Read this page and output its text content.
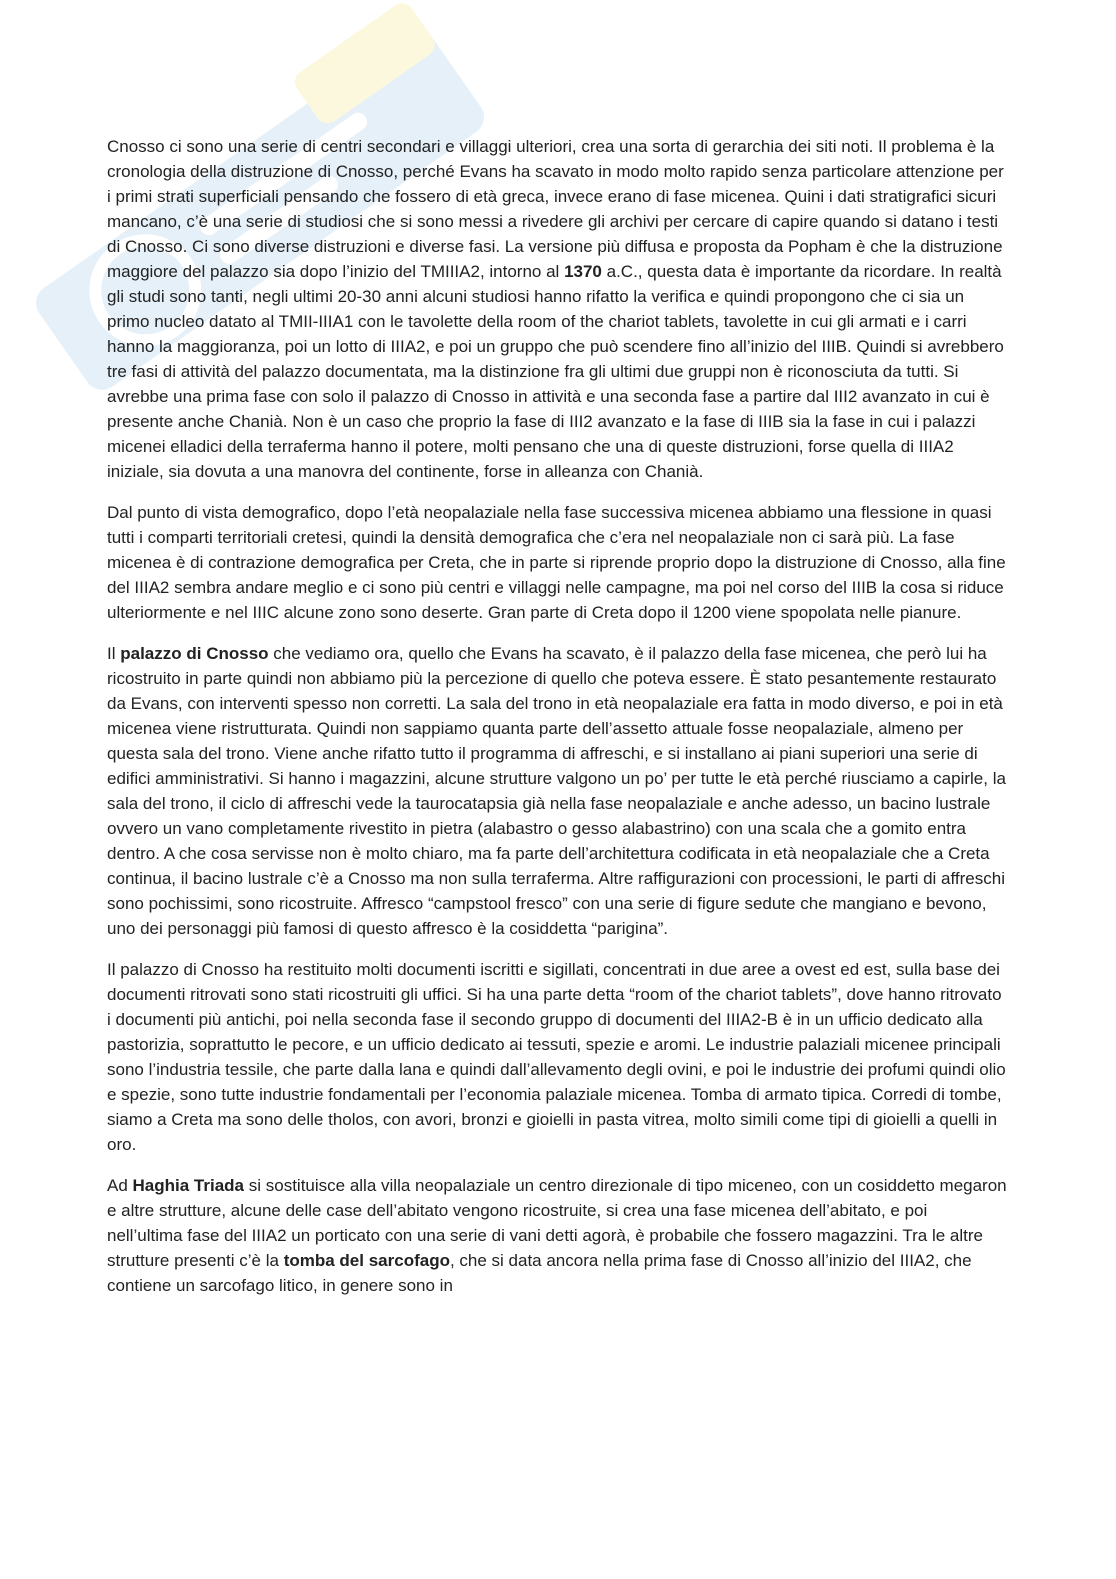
Cnosso ci sono una serie di centri secondari e villaggi ulteriori, crea una sorta di gerarchia dei siti noti. Il problema è la cronologia della distruzione di Cnosso, perché Evans ha scavato in modo molto rapido senza particolare attenzione per i primi strati superficiali pensando che fossero di età greca, invece erano di fase micenea. Quini i dati stratigrafici sicuri mancano, c’è una serie di studiosi che si sono messi a rivedere gli archivi per cercare di capire quando si datano i testi di Cnosso. Ci sono diverse distruzioni e diverse fasi. La versione più diffusa e proposta da Popham è che la distruzione maggiore del palazzo sia dopo l’inizio del TMIIIA2, intorno al 1370 a.C., questa data è importante da ricordare. In realtà gli studi sono tanti, negli ultimi 20-30 anni alcuni studiosi hanno rifatto la verifica e quindi propongono che ci sia un primo nucleo datato al TMII-IIIA1 con le tavolette della room of the chariot tablets, tavolette in cui gli armati e i carri hanno la maggioranza, poi un lotto di IIIA2, e poi un gruppo che può scendere fino all’inizio del IIIB. Quindi si avrebbero tre fasi di attività del palazzo documentata, ma la distinzione fra gli ultimi due gruppi non è riconosciuta da tutti. Si avrebbe una prima fase con solo il palazzo di Cnosso in attività e una seconda fase a partire dal III2 avanzato in cui è presente anche Chanià. Non è un caso che proprio la fase di III2 avanzato e la fase di IIIB sia la fase in cui i palazzi micenei elladici della terraferma hanno il potere, molti pensano che una di queste distruzioni, forse quella di IIIA2 iniziale, sia dovuta a una manovra del continente, forse in alleanza con Chanià.

Dal punto di vista demografico, dopo l’età neopalaziale nella fase successiva micenea abbiamo una flessione in quasi tutti i comparti territoriali cretesi, quindi la densità demografica che c’era nel neopalaziale non ci sarà più. La fase micenea è di contrazione demografica per Creta, che in parte si riprende proprio dopo la distruzione di Cnosso, alla fine del IIIA2 sembra andare meglio e ci sono più centri e villaggi nelle campagne, ma poi nel corso del IIIB la cosa si riduce ulteriormente e nel IIIC alcune zono sono deserte. Gran parte di Creta dopo il 1200 viene spopolata nelle pianure.

Il palazzo di Cnosso che vediamo ora, quello che Evans ha scavato, è il palazzo della fase micenea, che però lui ha ricostruito in parte quindi non abbiamo più la percezione di quello che poteva essere. È stato pesantemente restaurato da Evans, con interventi spesso non corretti. La sala del trono in età neopalaziale era fatta in modo diverso, e poi in età micenea viene ristrutturata. Quindi non sappiamo quanta parte dell’assetto attuale fosse neopalaziale, almeno per questa sala del trono. Viene anche rifatto tutto il programma di affreschi, e si installano ai piani superiori una serie di edifici amministrativi. Si hanno i magazzini, alcune strutture valgono un po’ per tutte le età perché riusciamo a capirle, la sala del trono, il ciclo di affreschi vede la taurocatapsia già nella fase neopalaziale e anche adesso, un bacino lustrale ovvero un vano completamente rivestito in pietra (alabastro o gesso alabastrino) con una scala che a gomito entra dentro. A che cosa servisse non è molto chiaro, ma fa parte dell’architettura codificata in età neopalaziale che a Creta continua, il bacino lustrale c’è a Cnosso ma non sulla terraferma. Altre raffigurazioni con processioni, le parti di affreschi sono pochissimi, sono ricostruite. Affresco “campstool fresco” con una serie di figure sedute che mangiano e bevono, uno dei personaggi più famosi di questo affresco è la cosiddetta “parigina”.

Il palazzo di Cnosso ha restituito molti documenti iscritti e sigillati, concentrati in due aree a ovest ed est, sulla base dei documenti ritrovati sono stati ricostruiti gli uffici. Si ha una parte detta “room of the chariot tablets”, dove hanno ritrovato i documenti più antichi, poi nella seconda fase il secondo gruppo di documenti del IIIA2-B è in un ufficio dedicato alla pastorizia, soprattutto le pecore, e un ufficio dedicato ai tessuti, spezie e aromi. Le industrie palaziali micenee principali sono l’industria tessile, che parte dalla lana e quindi dall’allevamento degli ovini, e poi le industrie dei profumi quindi olio e spezie, sono tutte industrie fondamentali per l’economia palaziale micenea. Tomba di armato tipica. Corredi di tombe, siamo a Creta ma sono delle tholos, con avori, bronzi e gioielli in pasta vitrea, molto simili come tipi di gioielli a quelli in oro.

Ad Haghia Triada si sostituisce alla villa neopalaziale un centro direzionale di tipo miceneo, con un cosiddetto megaron e altre strutture, alcune delle case dell’abitato vengono ricostruite, si crea una fase micenea dell’abitato, e poi nell’ultima fase del IIIA2 un porticato con una serie di vani detti agorà, è probabile che fossero magazzini. Tra le altre strutture presenti c’è la tomba del sarcofago, che si data ancora nella prima fase di Cnosso all’inizio del IIIA2, che contiene un sarcofago litico, in genere sono in
